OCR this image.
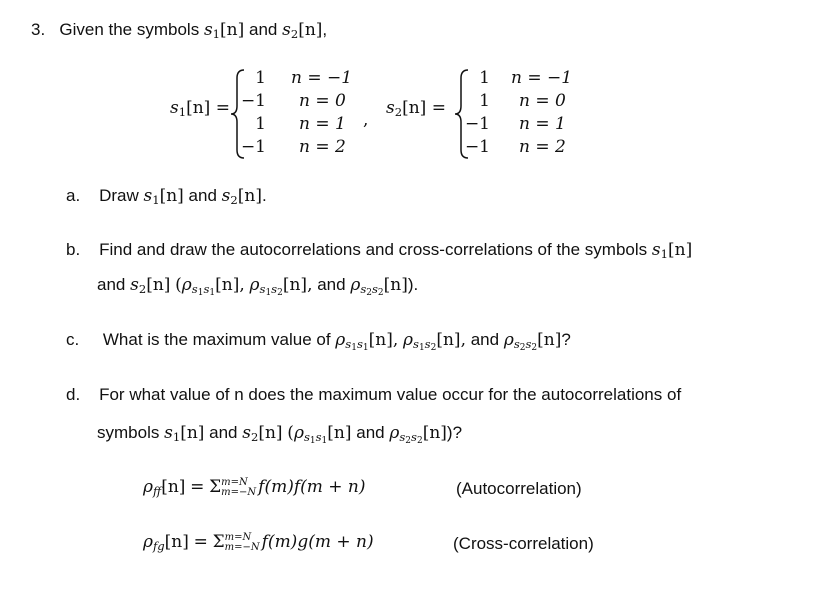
3. Given the symbols $s_1[n]$ and $s_2[n]$,
$s_1[n]$ =
1 n = −1
−1 n = 0
1 n = 1
−1 n = 2
,
$s_2[n]$ =
1 n = −1
1 n = 0
−1 n = 1
−1 n = 2
a. Draw $s_1[n]$ and $s_2[n]$.
b. Find and draw the autocorrelations and cross-correlations of the symbols $s_1[n]$
and $s_2[n]$ ($\rho_{s1s1}[n]$, $\rho_{s1s2}[n]$, and $\rho_{s2s2}[n]$).
c. What is the maximum value of $\rho_{s1s1}[n]$, $\rho_{s1s2}[n]$, and $\rho_{s2s2}[n]$?
d. For what value of n does the maximum value occur for the autocorrelations of
symbols $s_1[n]$ and $s_2[n]$ ($\rho_{s1s1}[n]$ and $\rho_{s2s2}[n]$)?
$\rho_{ff}[n] = \Sigma m=N$
m=−N f(m)f(m + n)	(Autocorrelation)
$\rho_{fg}[n] = \Sigma m=N$
m=−N f(m)g(m + n)	(Cross-correlation)
